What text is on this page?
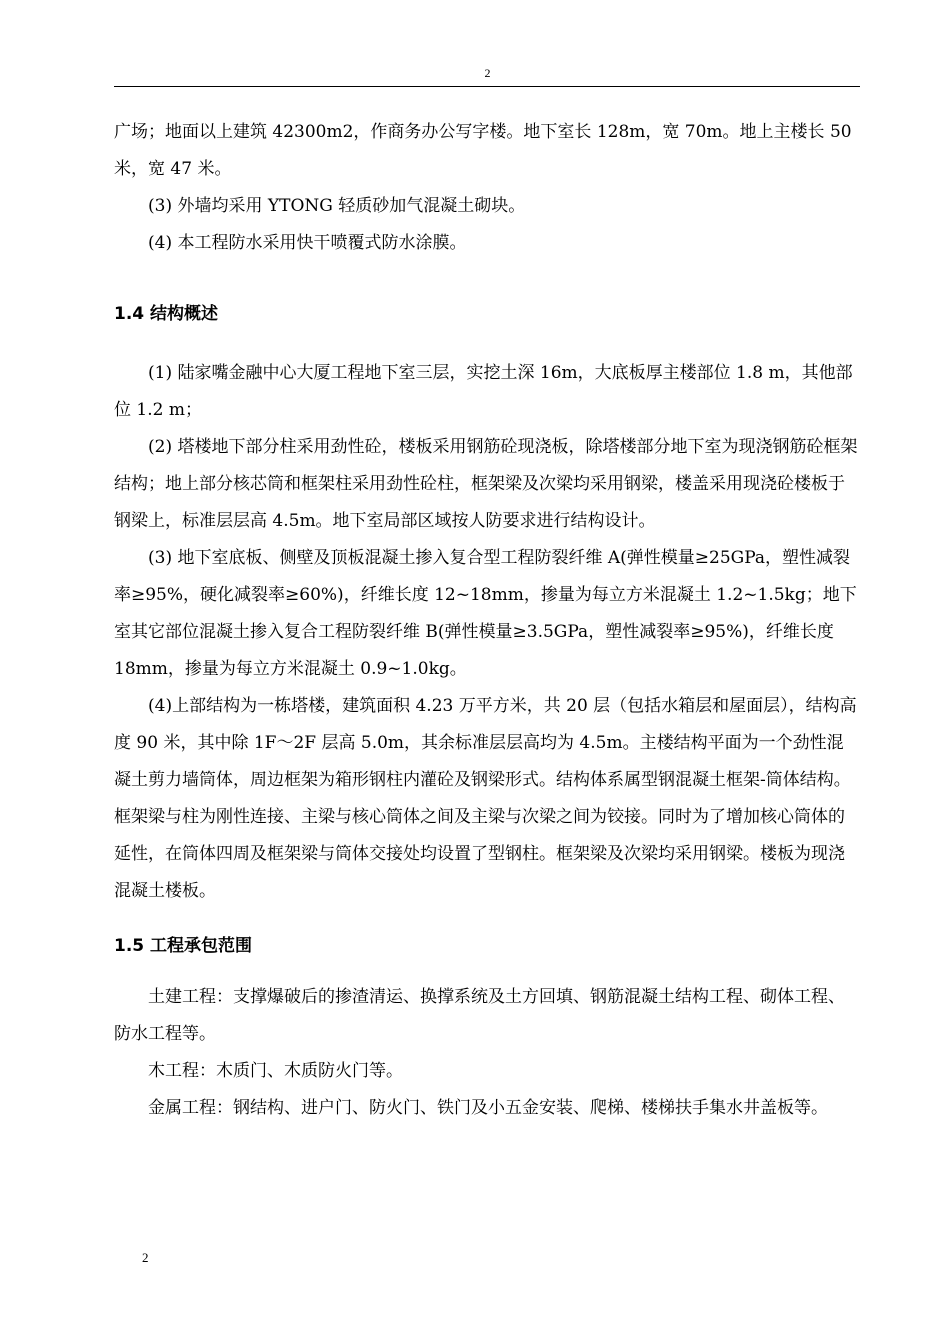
2

广场；地面以上建筑 42300m2，作商务办公写字楼。地下室长 128m，宽 70m。地上主楼长 50 米，宽 47 米。

(3) 外墙均采用 YTONG 轻质砂加气混凝土砌块。

(4) 本工程防水采用快干喷覆式防水涂膜。

1.4 结构概述

(1) 陆家嘴金融中心大厦工程地下室三层，实挖土深 16m，大底板厚主楼部位 1.8 m，其他部位 1.2 m；

(2) 塔楼地下部分柱采用劲性砼，楼板采用钢筋砼现浇板，除塔楼部分地下室为现浇钢筋砼框架结构；地上部分核芯筒和框架柱采用劲性砼柱，框架梁及次梁均采用钢梁，楼盖采用现浇砼楼板于钢梁上，标准层层高 4.5m。地下室局部区域按人防要求进行结构设计。

(3) 地下室底板、侧壁及顶板混凝土掺入复合型工程防裂纤维 A(弹性模量≥25GPa，塑性减裂率≥95%，硬化减裂率≥60%)，纤维长度 12~18mm，掺量为每立方米混凝土 1.2~1.5kg；地下室其它部位混凝土掺入复合工程防裂纤维 B(弹性模量≥3.5GPa，塑性减裂率≥95%)，纤维长度 18mm，掺量为每立方米混凝土 0.9~1.0kg。

(4)上部结构为一栋塔楼，建筑面积 4.23 万平方米，共 20 层（包括水箱层和屋面层），结构高度 90 米，其中除 1F～2F 层高 5.0m，其余标准层层高均为 4.5m。主楼结构平面为一个劲性混凝土剪力墙筒体，周边框架为箱形钢柱内灌砼及钢梁形式。结构体系属型钢混凝土框架-筒体结构。框架梁与柱为刚性连接、主梁与核心筒体之间及主梁与次梁之间为铰接。同时为了增加核心筒体的延性，在筒体四周及框架梁与筒体交接处均设置了型钢柱。框架梁及次梁均采用钢梁。楼板为现浇混凝土楼板。

1.5 工程承包范围

土建工程：支撑爆破后的掺渣清运、换撑系统及土方回填、钢筋混凝土结构工程、砌体工程、防水工程等。

木工程：木质门、木质防火门等。

金属工程：钢结构、进户门、防火门、铁门及小五金安装、爬梯、楼梯扶手集水井盖板等。

2
